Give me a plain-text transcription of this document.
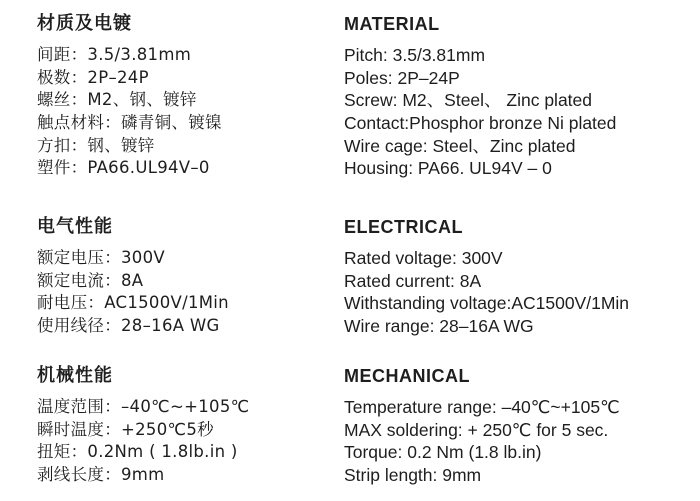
材质及电镀
间距：3.5/3.81mm
极数：2P–24P
螺丝：M2、钢、镀锌
触点材料：磷青铜、镀镍
方扣：钢、镀锌
塑件：PA66.UL94V–0
电气性能
额定电压：300V
额定电流：8A
耐电压：AC1500V/1Min
使用线径：28–16A WG
机械性能
温度范围：–40℃~+105℃
瞬时温度：+250℃5秒
扭矩：0.2Nm ( 1.8lb.in )
剥线长度：9mm
MATERIAL
Pitch: 3.5/3.81mm
Poles: 2P–24P
Screw: M2、Steel、 Zinc plated
Contact:Phosphor bronze Ni plated
Wire cage: Steel、Zinc plated
Housing: PA66. UL94V – 0
ELECTRICAL
Rated voltage: 300V
Rated current: 8A
Withstanding voltage:AC1500V/1Min
Wire range: 28–16A WG
MECHANICAL
Temperature range: –40℃~+105℃
MAX soldering: + 250℃ for 5 sec.
Torque: 0.2 Nm (1.8 lb.in)
Strip length: 9mm
